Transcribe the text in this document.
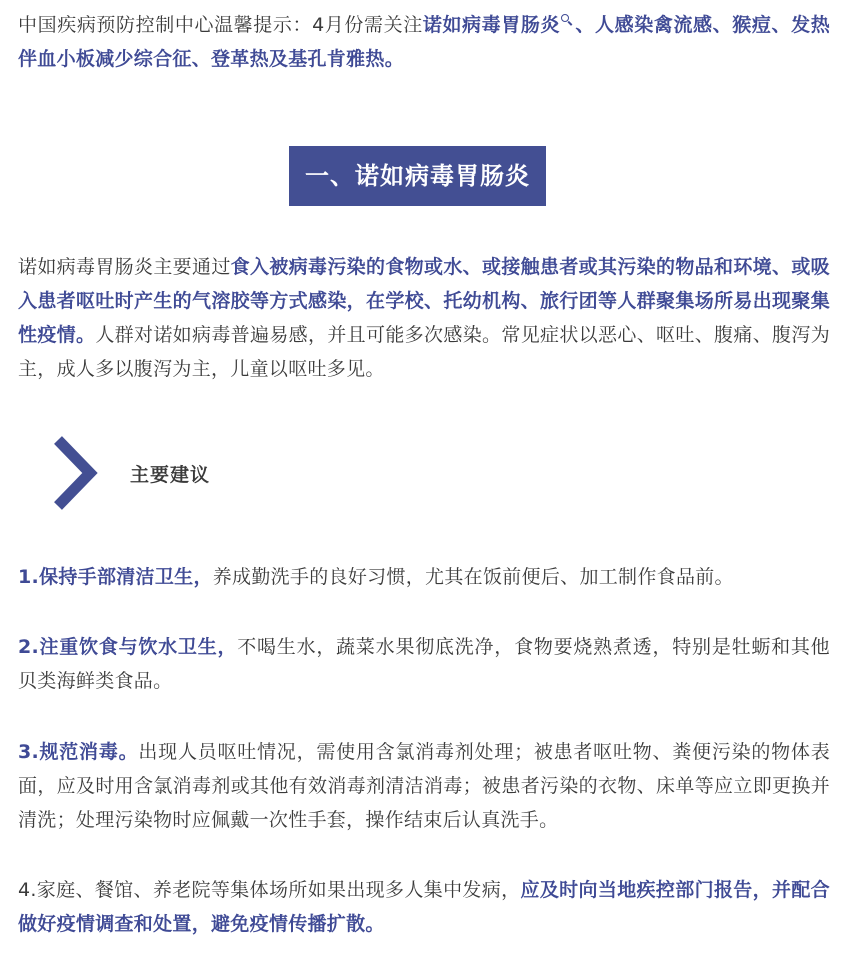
中国疾病预防控制中心温馨提示：4月份需关注诺如病毒胃肠炎 、人感染禽流感、猴痘、发热伴血小板减少综合征、登革热及基孔肯雅热。

一、诺如病毒胃肠炎

诺如病毒胃肠炎主要通过食入被病毒污染的食物或水、或接触患者或其污染的物品和环境、或吸入患者呕吐时产生的气溶胶等方式感染，在学校、托幼机构、旅行团等人群聚集场所易出现聚集性疫情。人群对诺如病毒普遍易感，并且可能多次感染。常见症状以恶心、呕吐、腹痛、腹泻为主，成人多以腹泻为主，儿童以呕吐多见。

主要建议

1.保持手部清洁卫生，养成勤洗手的良好习惯，尤其在饭前便后、加工制作食品前。

2.注重饮食与饮水卫生，不喝生水，蔬菜水果彻底洗净，食物要烧熟煮透，特别是牡蛎和其他贝类海鲜类食品。

3.规范消毒。出现人员呕吐情况，需使用含氯消毒剂处理；被患者呕吐物、粪便污染的物体表面，应及时用含氯消毒剂或其他有效消毒剂清洁消毒；被患者污染的衣物、床单等应立即更换并清洗；处理污染物时应佩戴一次性手套，操作结束后认真洗手。

4.家庭、餐馆、养老院等集体场所如果出现多人集中发病，应及时向当地疾控部门报告，并配合做好疫情调查和处置，避免疫情传播扩散。
